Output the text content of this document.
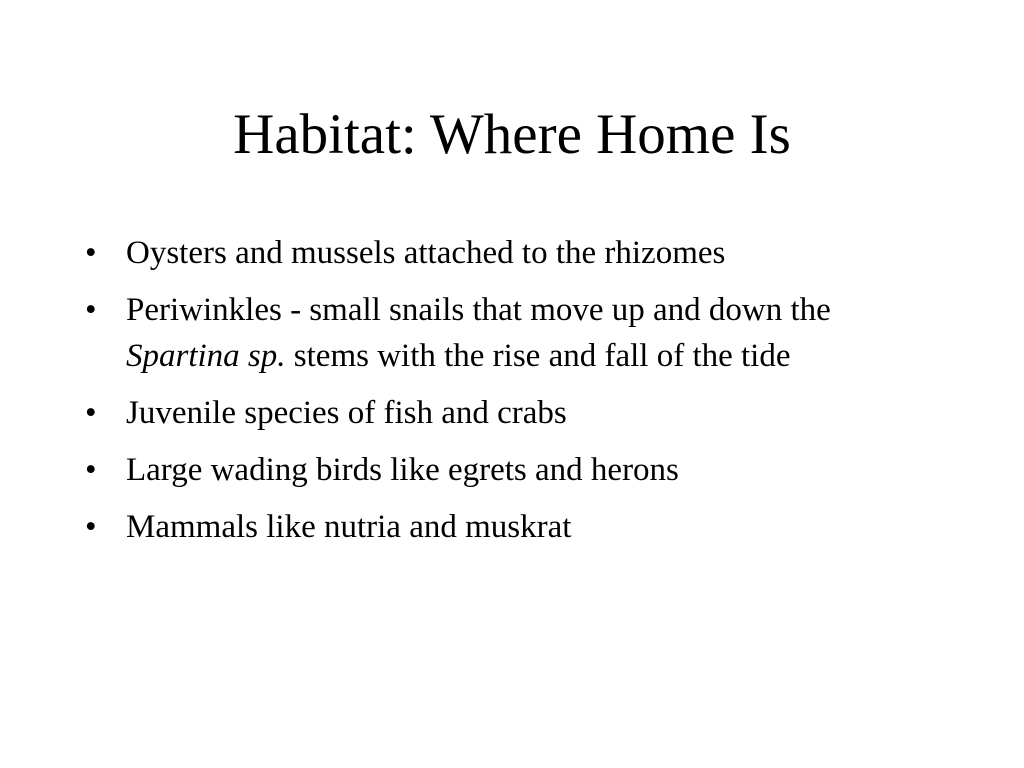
Habitat: Where Home Is
• Oysters and mussels attached to the rhizomes
• Periwinkles - small snails that move up and down the Spartina sp. stems with the rise and fall of the tide
• Juvenile species of fish and crabs
• Large wading birds like egrets and herons
• Mammals like nutria and muskrat
